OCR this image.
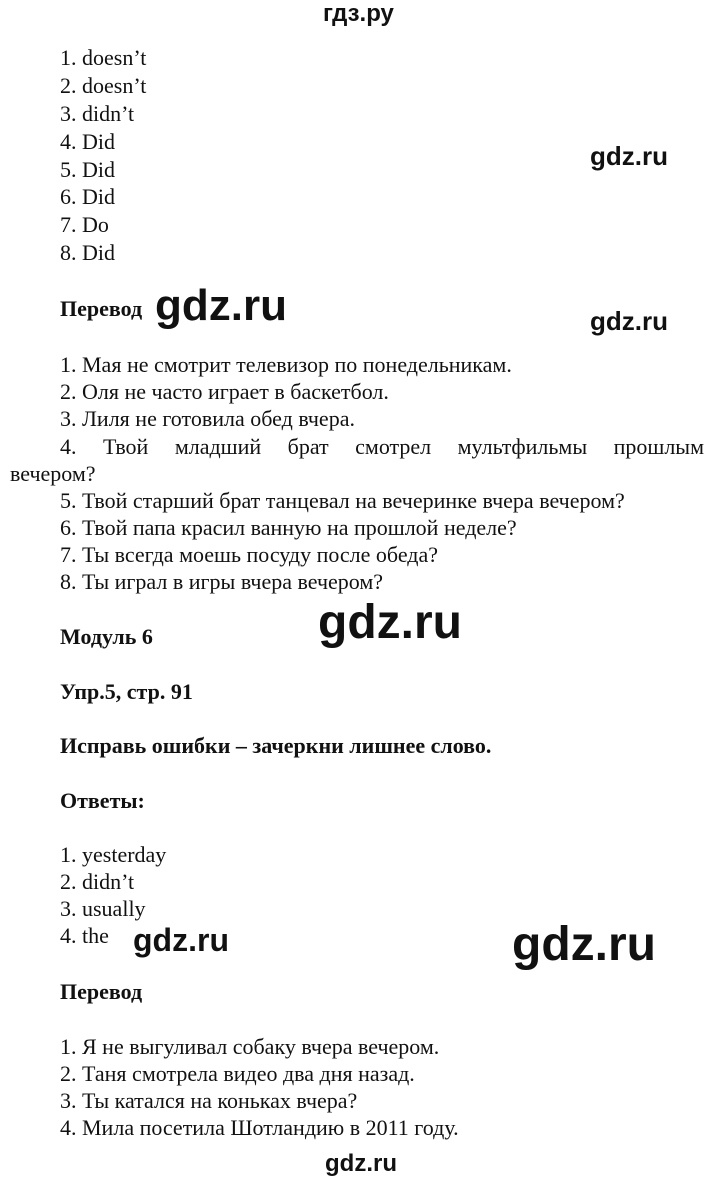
гдз.ру
gdz.ru
gdz.ru	gdz.ru
gdz.ru
gdz.ru	gdz.ru
gdz.ru
1. doesn’t
2. doesn’t
3. didn’t
4. Did
5. Did
6. Did
7. Do
8. Did
Перевод
1. Мая не смотрит телевизор по понедельникам.
2. Оля не часто играет в баскетбол.
3. Лиля не готовила обед вчера.
4. Твой младший брат смотрел мультфильмы прошлым
вечером?
5. Твой старший брат танцевал на вечеринке вчера вечером?
6. Твой папа красил ванную на прошлой неделе?
7. Ты всегда моешь посуду после обеда?
8. Ты играл в игры вчера вечером?
Модуль 6
Упр.5, стр. 91
Исправь ошибки – зачеркни лишнее слово.
Ответы:
1. yesterday
2. didn’t
3. usually
4. the
Перевод
1. Я не выгуливал собаку вчера вечером.
2. Таня смотрела видео два дня назад.
3. Ты катался на коньках вчера?
4. Мила посетила Шотландию в 2011 году.
